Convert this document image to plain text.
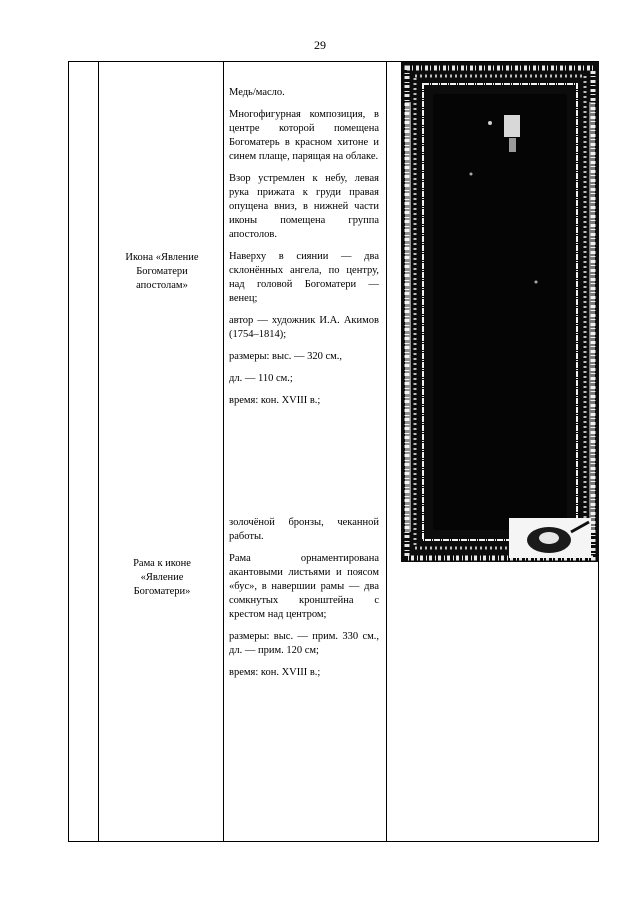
29
Икона «Явление Богоматери апостолам»

Медь/масло.

Многофигурная композиция, в центре которой помещена Богоматерь в красном хитоне и синем плаще, парящая на облаке.

Взор устремлен к небу, левая рука прижата к груди правая опущена вниз, в нижней части иконы помещена группа апостолов.

Наверху в сиянии — два склонённых ангела, по центру, над головой Богоматери — венец;

автор — художник И.А. Акимов (1754–1814);

размеры: выс. — 320 см.,

дл. — 110 см.;

время: кон. XVIII в.;

Рама к иконе «Явление Богоматери»

золочёной бронзы, чеканной работы.

Рама орнаментирована акантовыми листьями и поясом «бус», в навершии рамы — два сомкнутых кронштейна с крестом над центром;

размеры: выс. — прим. 330 см., дл. — прим. 120 см;

время: кон. XVIII в.;
